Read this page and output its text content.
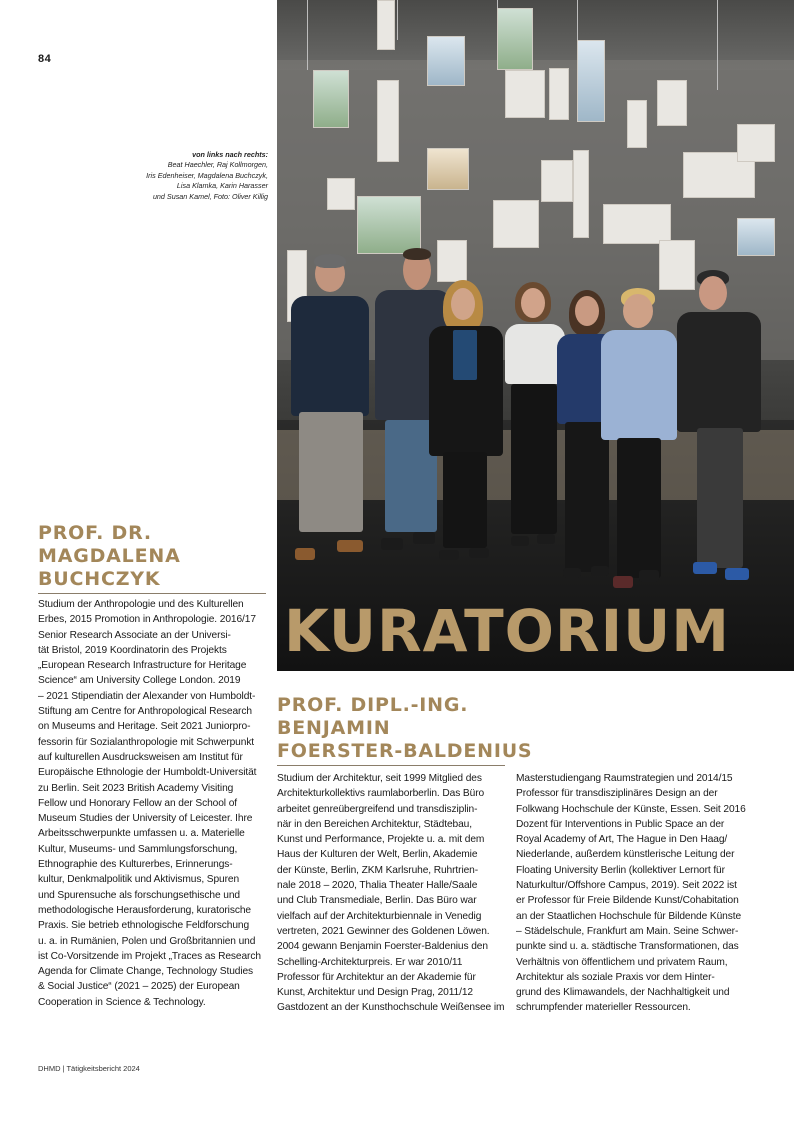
84
von links nach rechts:
Beat Haechler, Raj Kollmorgen,
Iris Edenheiser, Magdalena Buchczyk,
Lisa Klamka, Karin Harasser
und Susan Kamel, Foto: Oliver Killig
KURATORIUM
PROF. DR.
MAGDALENA
BUCHCZYK
Studium der Anthropologie und des Kulturellen
Erbes, 2015 Promotion in Anthropologie. 2016/17
Senior Research Associate an der Universi-
tät Bristol, 2019 Koordinatorin des Projekts
„European Research Infrastructure for Heritage
Science“ am University College London. 2019
– 2021 Stipendiatin der Alexander von Humboldt-
Stiftung am Centre for Anthropological Research
on Museums and Heritage. Seit 2021 Juniorpro-
fessorin für Sozialanthropologie mit Schwerpunkt
auf kulturellen Ausdrucksweisen am Institut für
Europäische Ethnologie der Humboldt-Universität
zu Berlin. Seit 2023 British Academy Visiting
Fellow und Honorary Fellow an der School of
Museum Studies der University of Leicester. Ihre
Arbeitsschwerpunkte umfassen u. a. Materielle
Kultur, Museums- und Sammlungsforschung,
Ethnographie des Kulturerbes, Erinnerungs-
kultur, Denkmalpolitik und Aktivismus, Spuren
und Spurensuche als forschungsethische und
methodologische Herausforderung, kuratorische
Praxis. Sie betrieb ethnologische Feldforschung
u. a. in Rumänien, Polen und Großbritannien und
ist Co-Vorsitzende im Projekt „Traces as Research
Agenda for Climate Change, Technology Studies
& Social Justice“ (2021 – 2025) der European
Cooperation in Science & Technology.
PROF. DIPL.-ING.
BENJAMIN
FOERSTER-BALDENIUS
Studium der Architektur, seit 1999 Mitglied des
Architekturkollektivs raumlaborberlin. Das Büro
arbeitet genreübergreifend und transdisziplin-
när in den Bereichen Architektur, Städtebau,
Kunst und Performance, Projekte u. a. mit dem
Haus der Kulturen der Welt, Berlin, Akademie
der Künste, Berlin, ZKM Karlsruhe, Ruhrtrien-
nale 2018 – 2020, Thalia Theater Halle/Saale
und Club Transmediale, Berlin. Das Büro war
vielfach auf der Architekturbiennale in Venedig
vertreten, 2021 Gewinner des Goldenen Löwen.
2004 gewann Benjamin Foerster-Baldenius den
Schelling-Architekturpreis. Er war 2010/11
Professor für Architektur an der Akademie für
Kunst, Architektur und Design Prag, 2011/12
Gastdozent an der Kunsthochschule Weißensee im
Masterstudiengang Raumstrategien und 2014/15
Professor für transdisziplinäres Design an der
Folkwang Hochschule der Künste, Essen. Seit 2016
Dozent für Interventions in Public Space an der
Royal Academy of Art, The Hague in Den Haag/
Niederlande, außerdem künstlerische Leitung der
Floating University Berlin (kollektiver Lernort für
Naturkultur/Offshore Campus, 2019). Seit 2022 ist
er Professor für Freie Bildende Kunst/Cohabitation
an der Staatlichen Hochschule für Bildende Künste
– Städelschule, Frankfurt am Main. Seine Schwer-
punkte sind u. a. städtische Transformationen, das
Verhältnis von öffentlichem und privatem Raum,
Architektur als soziale Praxis vor dem Hinter-
grund des Klimawandels, der Nachhaltigkeit und
schrumpfender materieller Ressourcen.
DHMD | Tätigkeitsbericht 2024
